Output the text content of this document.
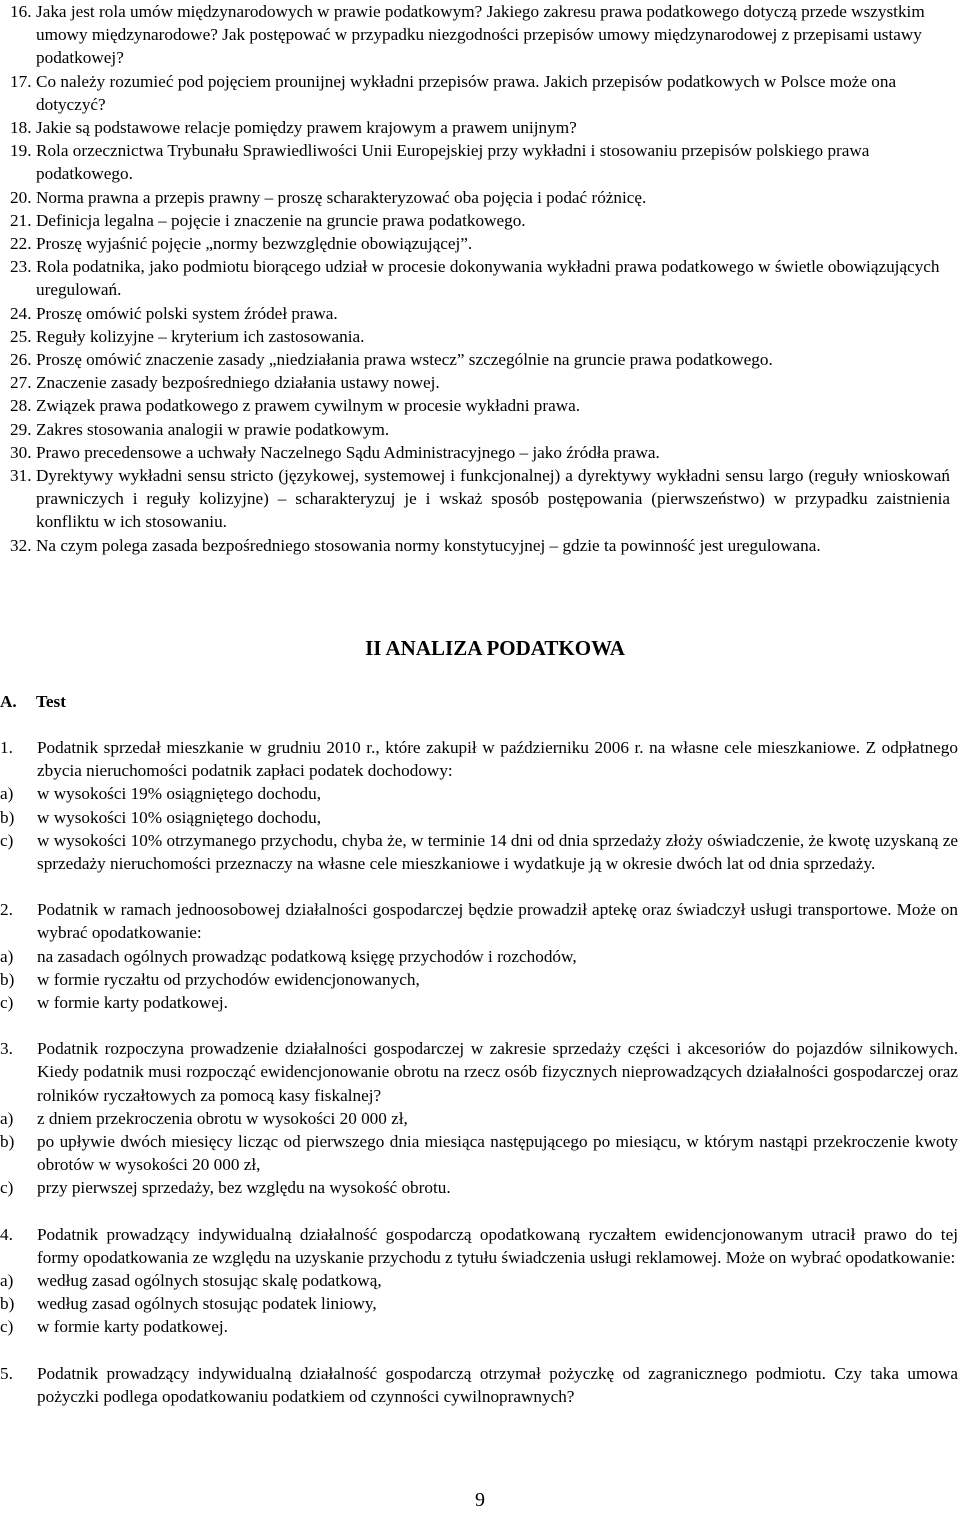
16. Jaka jest rola umów międzynarodowych w prawie podatkowym? Jakiego zakresu prawa podatkowego dotyczą przede wszystkim umowy międzynarodowe? Jak postępować w przypadku niezgodności przepisów umowy międzynarodowej z przepisami ustawy podatkowej?
17. Co należy rozumieć pod pojęciem prounijnej wykładni przepisów prawa. Jakich przepisów podatkowych w Polsce może ona dotyczyć?
18. Jakie są podstawowe relacje pomiędzy prawem krajowym a prawem unijnym?
19. Rola orzecznictwa Trybunału Sprawiedliwości Unii Europejskiej przy wykładni i stosowaniu przepisów polskiego prawa podatkowego.
20. Norma prawna a przepis prawny – proszę scharakteryzować oba pojęcia i podać różnicę.
21. Definicja legalna – pojęcie i znaczenie na gruncie prawa podatkowego.
22. Proszę wyjaśnić pojęcie „normy bezwzględnie obowiązującej”.
23. Rola podatnika, jako podmiotu biorącego udział w procesie dokonywania wykładni prawa podatkowego w świetle obowiązujących uregulowań.
24. Proszę omówić polski system źródeł prawa.
25. Reguły kolizyjne – kryterium ich zastosowania.
26. Proszę omówić znaczenie zasady „niedziałania prawa wstecz” szczególnie na gruncie prawa podatkowego.
27. Znaczenie zasady bezpośredniego działania ustawy nowej.
28. Związek prawa podatkowego z prawem cywilnym w procesie wykładni prawa.
29. Zakres stosowania analogii w prawie podatkowym.
30. Prawo precedensowe a uchwały Naczelnego Sądu Administracyjnego – jako źródła prawa.
31. Dyrektywy wykładni sensu stricto (językowej, systemowej i funkcjonalnej) a dyrektywy wykładni sensu largo (reguły wnioskowań prawniczych i reguły kolizyjne) – scharakteryzuj je i wskaż sposób postępowania (pierwszeństwo) w przypadku zaistnienia konfliktu w ich stosowaniu.
32. Na czym polega zasada bezpośredniego stosowania normy konstytucyjnej – gdzie ta powinność jest uregulowana.
II ANALIZA PODATKOWA
A. Test
1. Podatnik sprzedał mieszkanie w grudniu 2010 r., które zakupił w październiku 2006 r. na własne cele mieszkaniowe. Z odpłatnego zbycia nieruchomości podatnik zapłaci podatek dochodowy:
a) w wysokości 19% osiągniętego dochodu,
b) w wysokości 10% osiągniętego dochodu,
c) w wysokości 10% otrzymanego przychodu, chyba że, w terminie 14 dni od dnia sprzedaży złoży oświadczenie, że kwotę uzyskaną ze sprzedaży nieruchomości przeznaczy na własne cele mieszkaniowe i wydatkuje ją w okresie dwóch lat od dnia sprzedaży.
2. Podatnik w ramach jednoosobowej działalności gospodarczej będzie prowadził aptekę oraz świadczył usługi transportowe. Może on wybrać opodatkowanie:
a) na zasadach ogólnych prowadząc podatkową księgę przychodów i rozchodów,
b) w formie ryczałtu od przychodów ewidencjonowanych,
c) w formie karty podatkowej.
3. Podatnik rozpoczyna prowadzenie działalności gospodarczej w zakresie sprzedaży części i akcesoriów do pojazdów silnikowych. Kiedy podatnik musi rozpocząć ewidencjonowanie obrotu na rzecz osób fizycznych nieprowadzących działalności gospodarczej oraz rolników ryczałtowych za pomocą kasy fiskalnej?
a) z dniem przekroczenia obrotu w wysokości 20 000 zł,
b) po upływie dwóch miesięcy licząc od pierwszego dnia miesiąca następującego po miesiącu, w którym nastąpi przekroczenie kwoty obrotów w wysokości 20 000 zł,
c) przy pierwszej sprzedaży, bez względu na wysokość obrotu.
4. Podatnik prowadzący indywidualną działalność gospodarczą opodatkowaną ryczałtem ewidencjonowanym utracił prawo do tej formy opodatkowania ze względu na uzyskanie przychodu z tytułu świadczenia usługi reklamowej. Może on wybrać opodatkowanie:
a) według zasad ogólnych stosując skalę podatkową,
b) według zasad ogólnych stosując podatek liniowy,
c) w formie karty podatkowej.
5. Podatnik prowadzący indywidualną działalność gospodarczą otrzymał pożyczkę od zagranicznego podmiotu. Czy taka umowa pożyczki podlega opodatkowaniu podatkiem od czynności cywilnoprawnych?
9
